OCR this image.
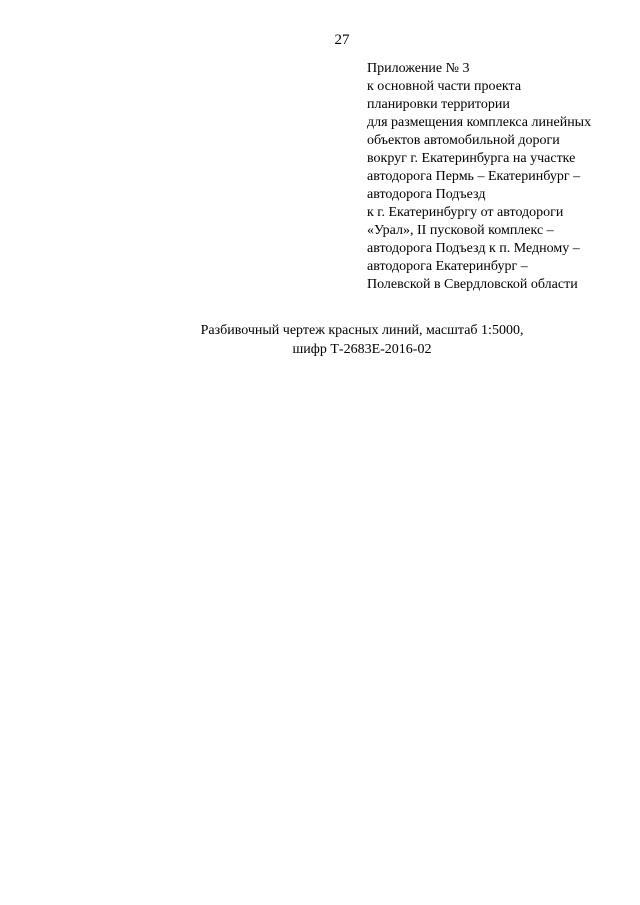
27
Приложение № 3
к основной части проекта
планировки территории
для размещения комплекса линейных
объектов автомобильной дороги
вокруг г. Екатеринбурга на участке
автодорога Пермь – Екатеринбург –
автодорога Подъезд
к г. Екатеринбургу от автодороги
«Урал», II пусковой комплекс –
автодорога Подъезд к п. Медному –
автодорога Екатеринбург –
Полевской в Свердловской области
Разбивочный чертеж красных линий, масштаб 1:5000,
шифр Т-2683Е-2016-02
